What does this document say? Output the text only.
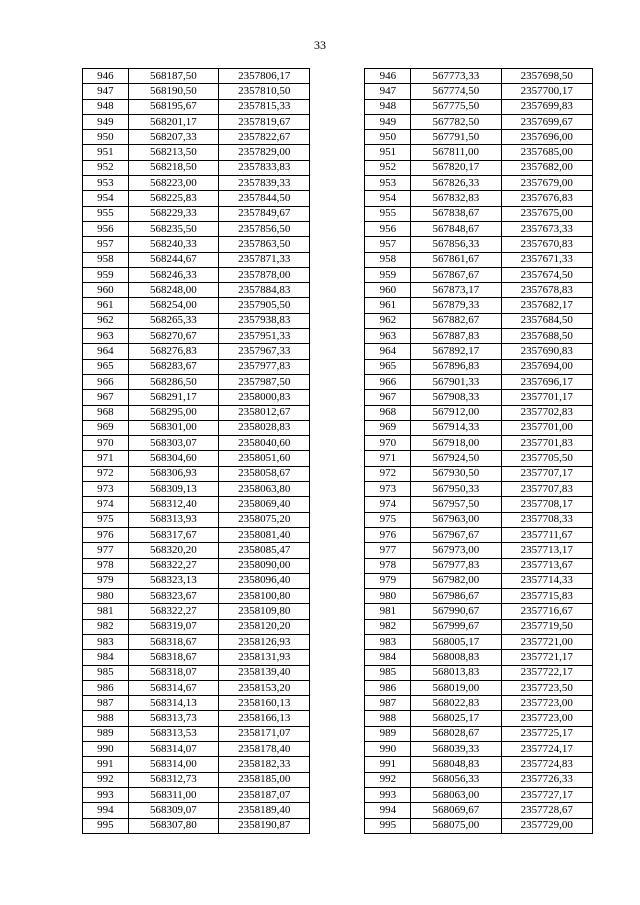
33
946	568187,50	2357806,17		946	567773,33	2357698,50
947	568190,50	2357810,50		947	567774,50	2357700,17
948	568195,67	2357815,33		948	567775,50	2357699,83
949	568201,17	2357819,67		949	567782,50	2357699,67
950	568207,33	2357822,67		950	567791,50	2357696,00
951	568213,50	2357829,00		951	567811,00	2357685,00
952	568218,50	2357833,83		952	567820,17	2357682,00
953	568223,00	2357839,33		953	567826,33	2357679,00
954	568225,83	2357844,50		954	567832,83	2357676,83
955	568229,33	2357849,67		955	567838,67	2357675,00
956	568235,50	2357856,50		956	567848,67	2357673,33
957	568240,33	2357863,50		957	567856,33	2357670,83
958	568244,67	2357871,33		958	567861,67	2357671,33
959	568246,33	2357878,00		959	567867,67	2357674,50
960	568248,00	2357884,83		960	567873,17	2357678,83
961	568254,00	2357905,50		961	567879,33	2357682,17
962	568265,33	2357938,83		962	567882,67	2357684,50
963	568270,67	2357951,33		963	567887,83	2357688,50
964	568276,83	2357967,33		964	567892,17	2357690,83
965	568283,67	2357977,83		965	567896,83	2357694,00
966	568286,50	2357987,50		966	567901,33	2357696,17
967	568291,17	2358000,83		967	567908,33	2357701,17
968	568295,00	2358012,67		968	567912,00	2357702,83
969	568301,00	2358028,83		969	567914,33	2357701,00
970	568303,07	2358040,60		970	567918,00	2357701,83
971	568304,60	2358051,60		971	567924,50	2357705,50
972	568306,93	2358058,67		972	567930,50	2357707,17
973	568309,13	2358063,80		973	567950,33	2357707,83
974	568312,40	2358069,40		974	567957,50	2357708,17
975	568313,93	2358075,20		975	567963,00	2357708,33
976	568317,67	2358081,40		976	567967,67	2357711,67
977	568320,20	2358085,47		977	567973,00	2357713,17
978	568322,27	2358090,00		978	567977,83	2357713,67
979	568323,13	2358096,40		979	567982,00	2357714,33
980	568323,67	2358100,80		980	567986,67	2357715,83
981	568322,27	2358109,80		981	567990,67	2357716,67
982	568319,07	2358120,20		982	567999,67	2357719,50
983	568318,67	2358126,93		983	568005,17	2357721,00
984	568318,67	2358131,93		984	568008,83	2357721,17
985	568318,07	2358139,40		985	568013,83	2357722,17
986	568314,67	2358153,20		986	568019,00	2357723,50
987	568314,13	2358160,13		987	568022,83	2357723,00
988	568313,73	2358166,13		988	568025,17	2357723,00
989	568313,53	2358171,07		989	568028,67	2357725,17
990	568314,07	2358178,40		990	568039,33	2357724,17
991	568314,00	2358182,33		991	568048,83	2357724,83
992	568312,73	2358185,00		992	568056,33	2357726,33
993	568311,00	2358187,07		993	568063,00	2357727,17
994	568309,07	2358189,40		994	568069,67	2357728,67
995	568307,80	2358190,87		995	568075,00	2357729,00
